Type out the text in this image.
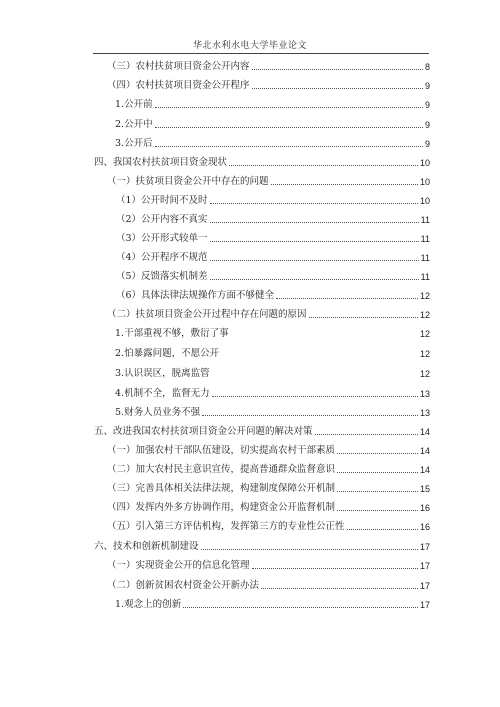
华北水利水电大学毕业论文
（三）农村扶贫项目资金公开内容	8
（四）农村扶贫项目资金公开程序	9
1.公开前	9
2.公开中	9
3.公开后	9
四、我国农村扶贫项目资金现状	10
（一）扶贫项目资金公开中存在的问题	10
（1）公开时间不及时	10
（2）公开内容不真实	11
（3）公开形式较单一	11
（4）公开程序不规范	11
（5）反馈落实机制差	11
（6）具体法律法规操作方面不够健全	12
（二）扶贫项目资金公开过程中存在问题的原因	12
1.干部重视不够，敷衍了事	12
2.怕暴露问题，不愿公开	12
3.认识误区，脱离监管	12
4.机制不全，监督无力	13
5.财务人员业务不强	13
五、改进我国农村扶贫项目资金公开问题的解决对策	14
（一）加强农村干部队伍建设，切实提高农村干部素质	14
（二）加大农村民主意识宣传，提高普通群众监督意识	14
（三）完善具体相关法律法规，构建制度保障公开机制	15
（四）发挥内外多方协调作用，构建资金公开监督机制	16
（五）引入第三方评估机构，发挥第三方的专业性公正性	16
六、技术和创新机制建设	17
（一）实现资金公开的信息化管理	17
（二）创新贫困农村资金公开新办法	17
1.观念上的创新	17
